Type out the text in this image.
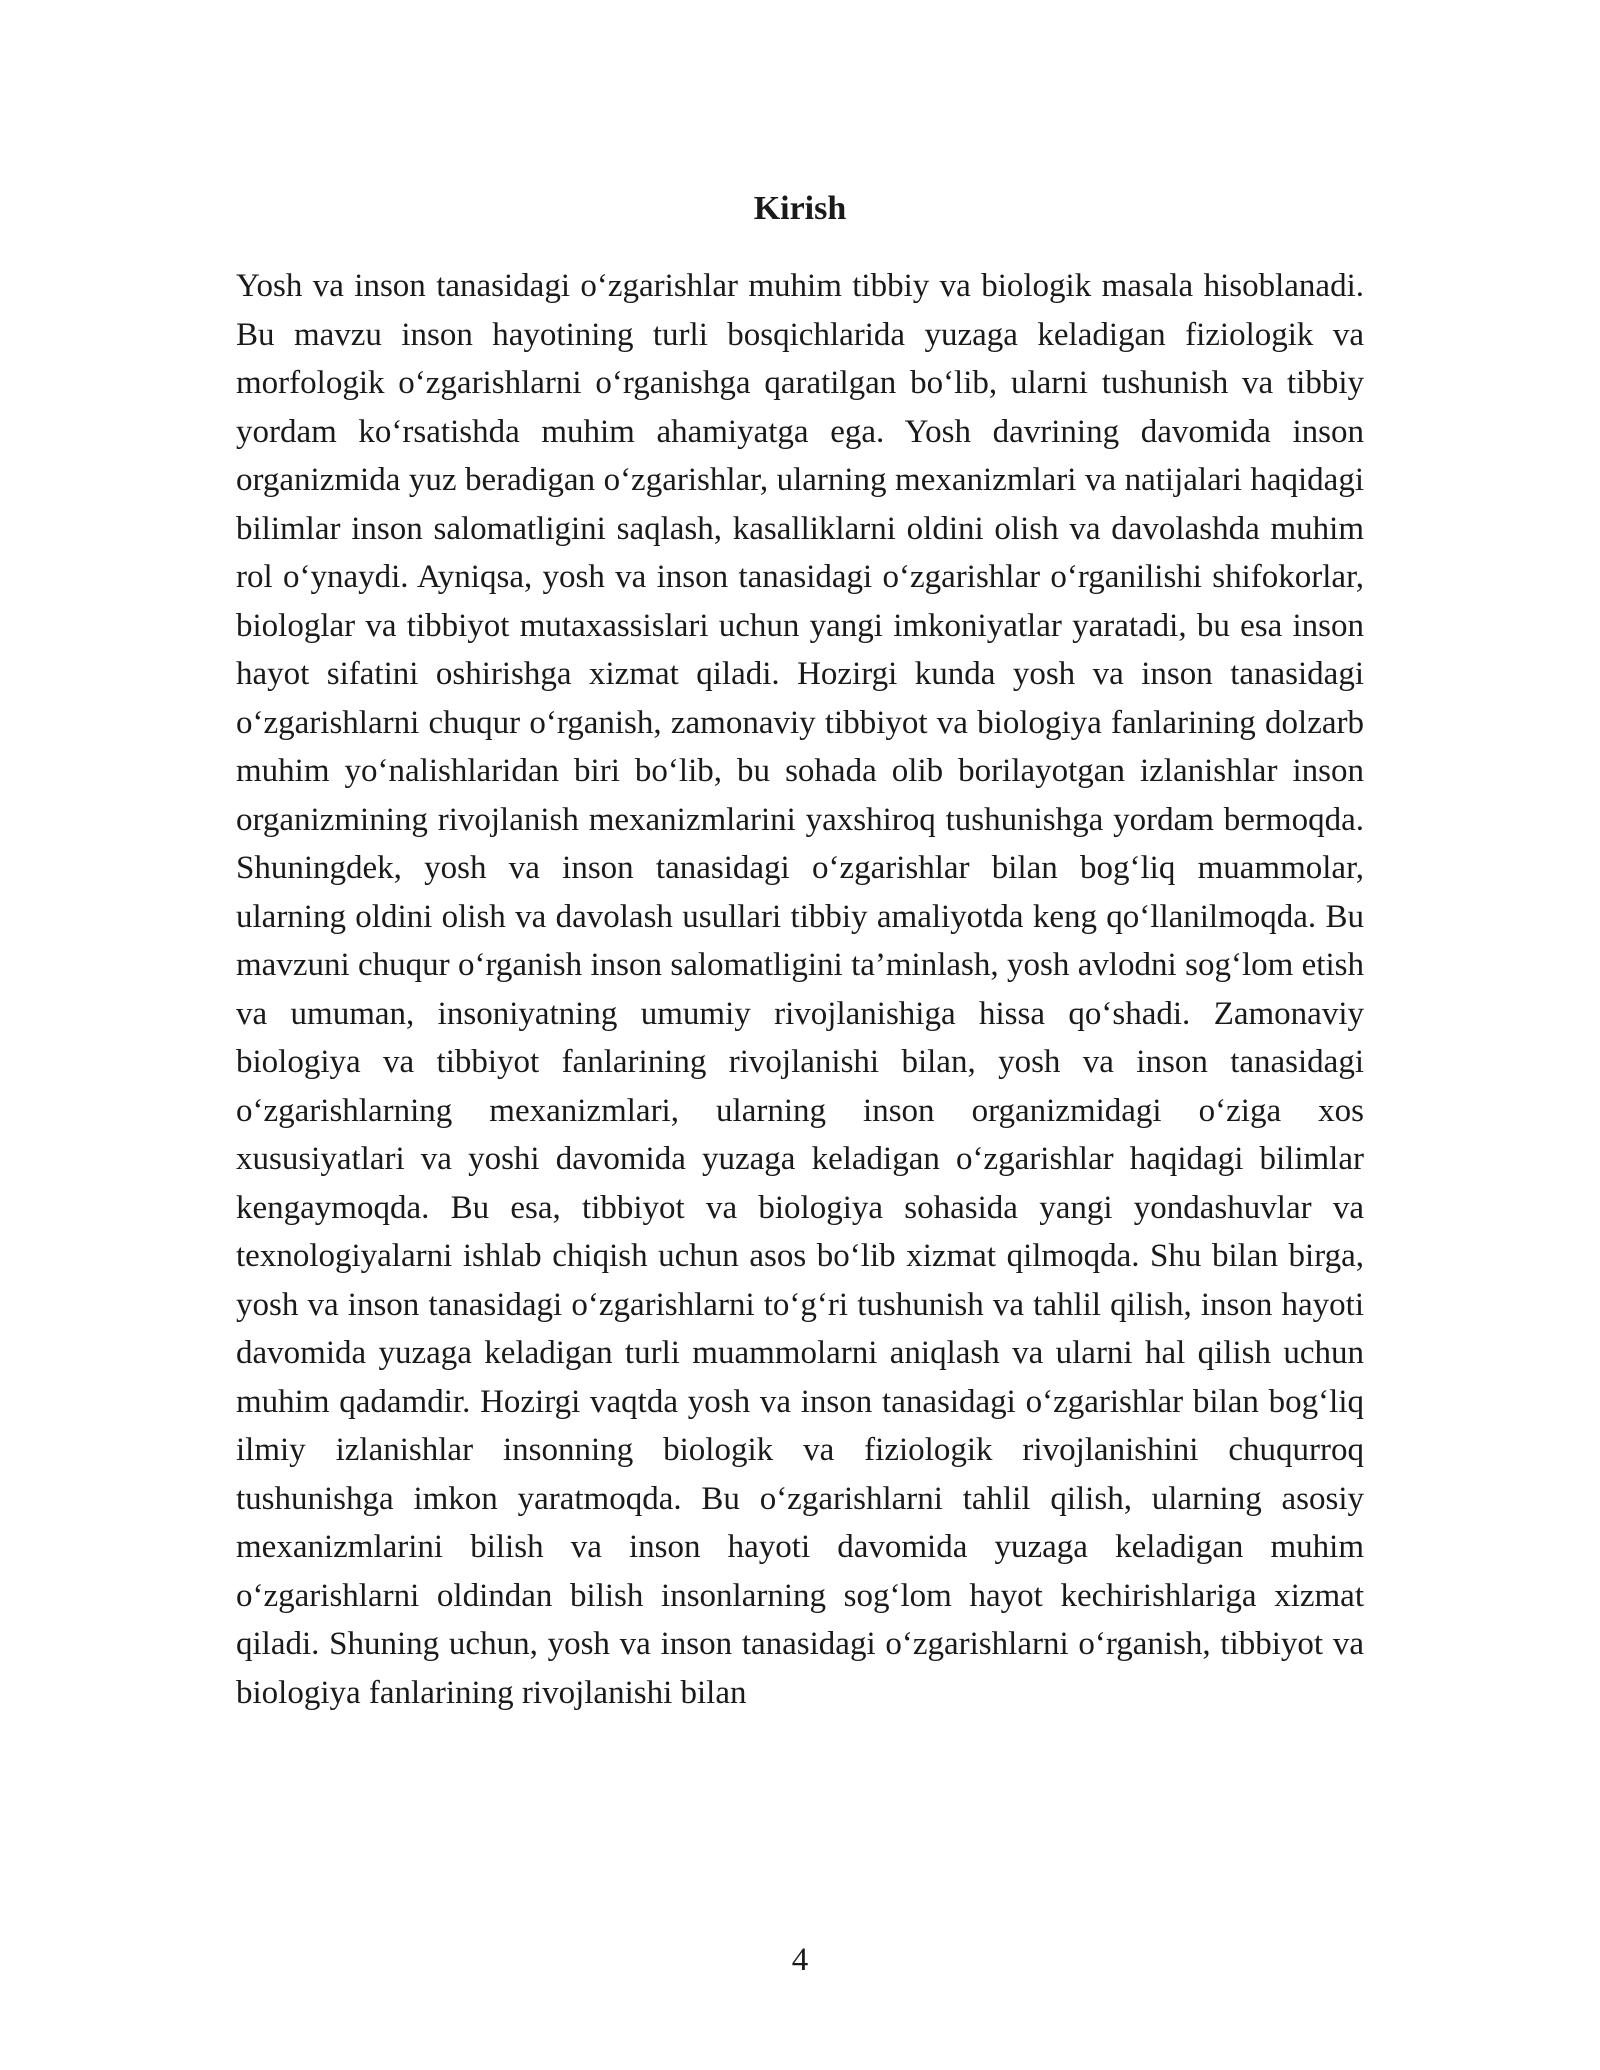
Kirish

Yosh va inson tanasidagi o‘zgarishlar muhim tibbiy va biologik masala hisoblanadi. Bu mavzu inson hayotining turli bosqichlarida yuzaga keladigan fiziologik va morfologik o‘zgarishlarni o‘rganishga qaratilgan bo‘lib, ularni tushunish va tibbiy yordam ko‘rsatishda muhim ahamiyatga ega. Yosh davrining davomida inson organizmida yuz beradigan o‘zgarishlar, ularning mexanizmlari va natijalari haqidagi bilimlar inson salomatligini saqlash, kasalliklarni oldini olish va davolashda muhim rol o‘ynaydi. Ayniqsa, yosh va inson tanasidagi o‘zgarishlar o‘rganilishi shifokorlar, biologlar va tibbiyot mutaxassislari uchun yangi imkoniyatlar yaratadi, bu esa inson hayot sifatini oshirishga xizmat qiladi. Hozirgi kunda yosh va inson tanasidagi o‘zgarishlarni chuqur o‘rganish, zamonaviy tibbiyot va biologiya fanlarining dolzarb muhim yo‘nalishlaridan biri bo‘lib, bu sohada olib borilayotgan izlanishlar inson organizmining rivojlanish mexanizmlarini yaxshiroq tushunishga yordam bermoqda. Shuningdek, yosh va inson tanasidagi o‘zgarishlar bilan bog‘liq muammolar, ularning oldini olish va davolash usullari tibbiy amaliyotda keng qo‘llanilmoqda. Bu mavzuni chuqur o‘rganish inson salomatligini ta’minlash, yosh avlodni sog‘lom etish va umuman, insoniyatning umumiy rivojlanishiga hissa qo‘shadi. Zamonaviy biologiya va tibbiyot fanlarining rivojlanishi bilan, yosh va inson tanasidagi o‘zgarishlarning mexanizmlari, ularning inson organizmidagi o‘ziga xos xususiyatlari va yoshi davomida yuzaga keladigan o‘zgarishlar haqidagi bilimlar kengaymoqda. Bu esa, tibbiyot va biologiya sohasida yangi yondashuvlar va texnologiyalarni ishlab chiqish uchun asos bo‘lib xizmat qilmoqda. Shu bilan birga, yosh va inson tanasidagi o‘zgarishlarni to‘g‘ri tushunish va tahlil qilish, inson hayoti davomida yuzaga keladigan turli muammolarni aniqlash va ularni hal qilish uchun muhim qadamdir. Hozirgi vaqtda yosh va inson tanasidagi o‘zgarishlar bilan bog‘liq ilmiy izlanishlar insonning biologik va fiziologik rivojlanishini chuqurroq tushunishga imkon yaratmoqda. Bu o‘zgarishlarni tahlil qilish, ularning asosiy mexanizmlarini bilish va inson hayoti davomida yuzaga keladigan muhim o‘zgarishlarni oldindan bilish insonlarning sog‘lom hayot kechirishlariga xizmat qiladi. Shuning uchun, yosh va inson tanasidagi o‘zgarishlarni o‘rganish, tibbiyot va biologiya fanlarining rivojlanishi bilan

4
